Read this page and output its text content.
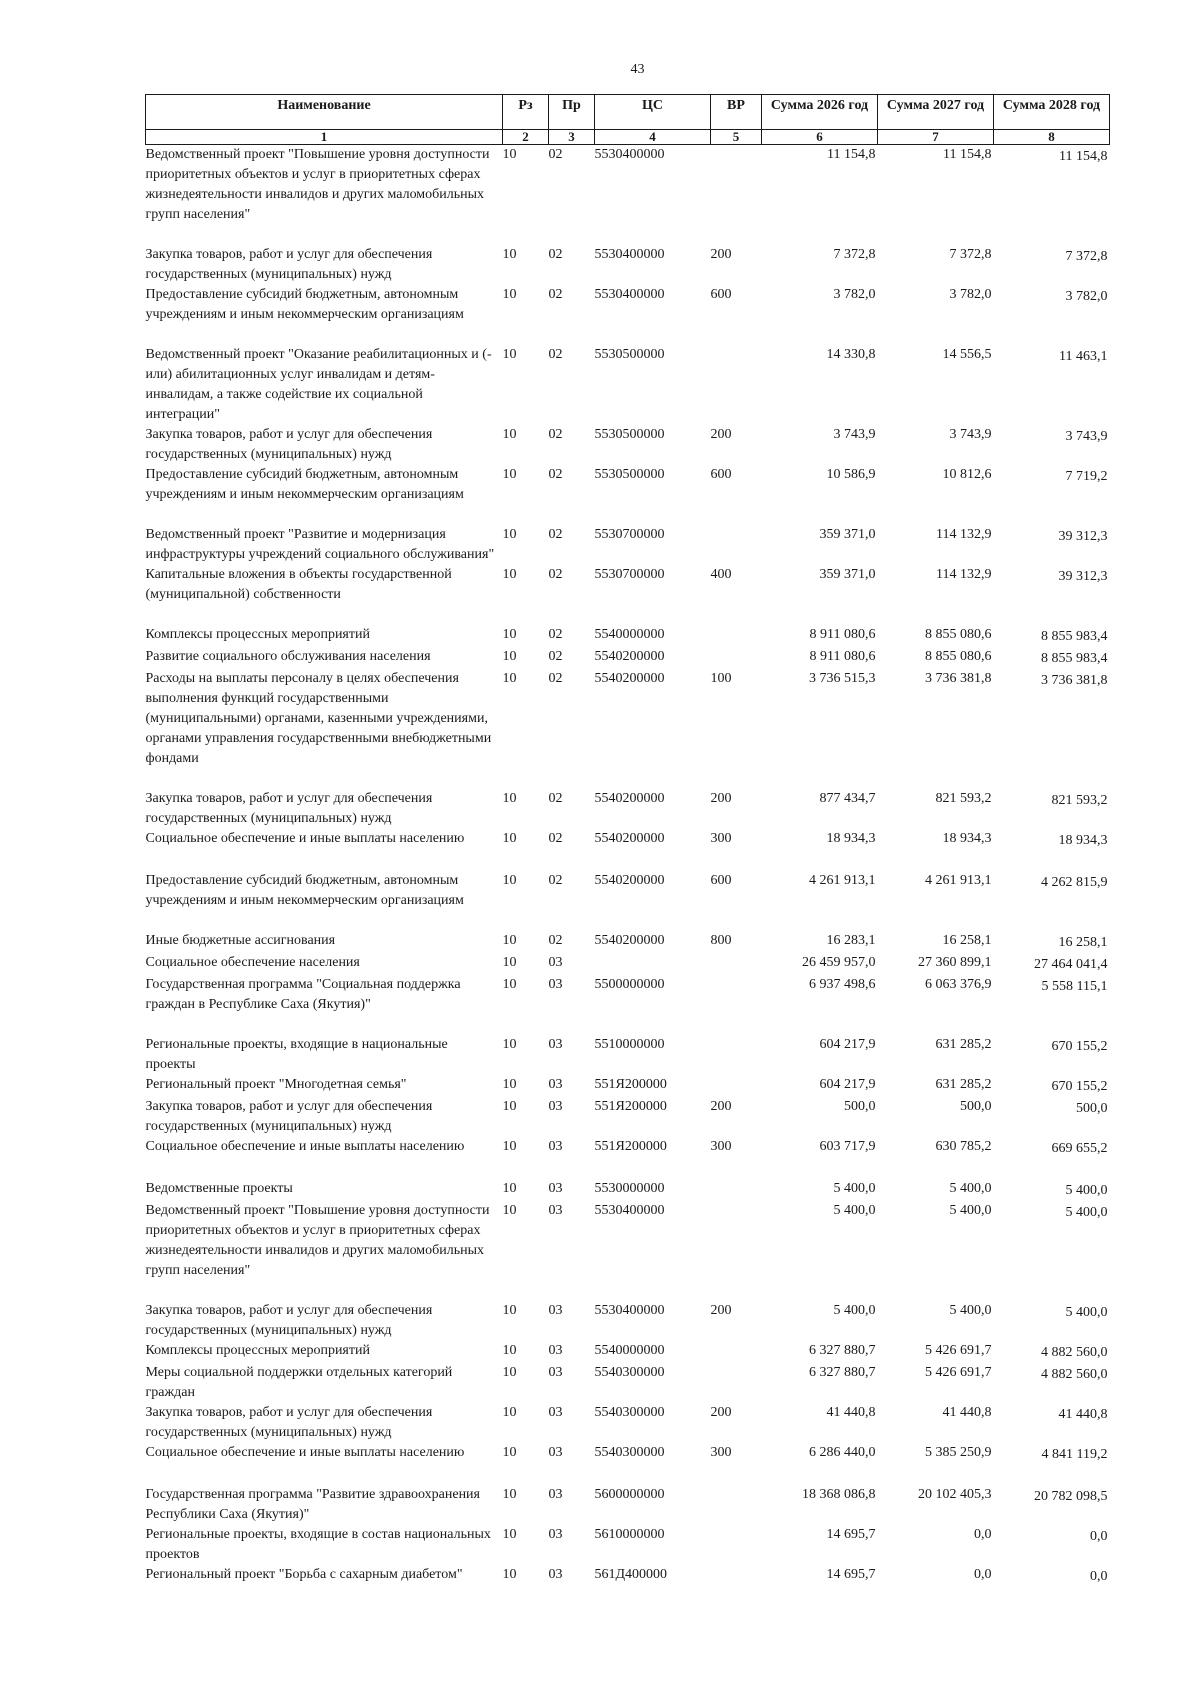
43
Наименование	Рз	Пр	ЦС	ВР	Сумма 2026 год	Сумма 2027 год	Сумма 2028 год
1	2	3	4	5	6	7	8
Ведомственный проект "Повышение уровня доступности приоритетных объектов и услуг в приоритетных сферах жизнедеятельности инвалидов и других маломобильных групп населения"	10	02	5530400000		11 154,8	11 154,8	11 154,8

Закупка товаров, работ и услуг для обеспечения государственных (муниципальных) нужд	10	02	5530400000	200	7 372,8	7 372,8	7 372,8
Предоставление субсидий бюджетным, автономным учреждениям и иным некоммерческим организациям	10	02	5530400000	600	3 782,0	3 782,0	3 782,0

Ведомственный проект "Оказание реабилитационных и (-или) абилитационных услуг инвалидам и детям-инвалидам, а также содействие их социальной интеграции"	10	02	5530500000		14 330,8	14 556,5	11 463,1
Закупка товаров, работ и услуг для обеспечения государственных (муниципальных) нужд	10	02	5530500000	200	3 743,9	3 743,9	3 743,9
Предоставление субсидий бюджетным, автономным учреждениям и иным некоммерческим организациям	10	02	5530500000	600	10 586,9	10 812,6	7 719,2

Ведомственный проект "Развитие и модернизация инфраструктуры учреждений социального обслуживания"	10	02	5530700000		359 371,0	114 132,9	39 312,3
Капитальные вложения в объекты государственной (муниципальной) собственности	10	02	5530700000	400	359 371,0	114 132,9	39 312,3

Комплексы процессных мероприятий	10	02	5540000000		8 911 080,6	8 855 080,6	8 855 983,4
Развитие социального обслуживания населения	10	02	5540200000		8 911 080,6	8 855 080,6	8 855 983,4
Расходы на выплаты персоналу в целях обеспечения выполнения функций государственными (муниципальными) органами, казенными учреждениями, органами управления государственными внебюджетными фондами	10	02	5540200000	100	3 736 515,3	3 736 381,8	3 736 381,8

Закупка товаров, работ и услуг для обеспечения государственных (муниципальных) нужд	10	02	5540200000	200	877 434,7	821 593,2	821 593,2
Социальное обеспечение и иные выплаты населению	10	02	5540200000	300	18 934,3	18 934,3	18 934,3

Предоставление субсидий бюджетным, автономным учреждениям и иным некоммерческим организациям	10	02	5540200000	600	4 261 913,1	4 261 913,1	4 262 815,9

Иные бюджетные ассигнования	10	02	5540200000	800	16 283,1	16 258,1	16 258,1
Социальное обеспечение населения	10	03			26 459 957,0	27 360 899,1	27 464 041,4
Государственная программа "Социальная поддержка граждан в Республике Саха (Якутия)"	10	03	5500000000		6 937 498,6	6 063 376,9	5 558 115,1

Региональные проекты, входящие в национальные проекты	10	03	5510000000		604 217,9	631 285,2	670 155,2
Региональный проект "Многодетная семья"	10	03	551Я200000		604 217,9	631 285,2	670 155,2
Закупка товаров, работ и услуг для обеспечения государственных (муниципальных) нужд	10	03	551Я200000	200	500,0	500,0	500,0
Социальное обеспечение и иные выплаты населению	10	03	551Я200000	300	603 717,9	630 785,2	669 655,2

Ведомственные проекты	10	03	5530000000		5 400,0	5 400,0	5 400,0
Ведомственный проект "Повышение уровня доступности приоритетных объектов и услуг в приоритетных сферах жизнедеятельности инвалидов и других маломобильных групп населения"	10	03	5530400000		5 400,0	5 400,0	5 400,0

Закупка товаров, работ и услуг для обеспечения государственных (муниципальных) нужд	10	03	5530400000	200	5 400,0	5 400,0	5 400,0
Комплексы процессных мероприятий	10	03	5540000000		6 327 880,7	5 426 691,7	4 882 560,0
Меры социальной поддержки отдельных категорий граждан	10	03	5540300000		6 327 880,7	5 426 691,7	4 882 560,0
Закупка товаров, работ и услуг для обеспечения государственных (муниципальных) нужд	10	03	5540300000	200	41 440,8	41 440,8	41 440,8
Социальное обеспечение и иные выплаты населению	10	03	5540300000	300	6 286 440,0	5 385 250,9	4 841 119,2

Государственная программа "Развитие здравоохранения Республики Саха (Якутия)"	10	03	5600000000		18 368 086,8	20 102 405,3	20 782 098,5
Региональные проекты, входящие в состав национальных проектов	10	03	5610000000		14 695,7	0,0	0,0
Региональный проект "Борьба с сахарным диабетом"	10	03	561Д400000		14 695,7	0,0	0,0
